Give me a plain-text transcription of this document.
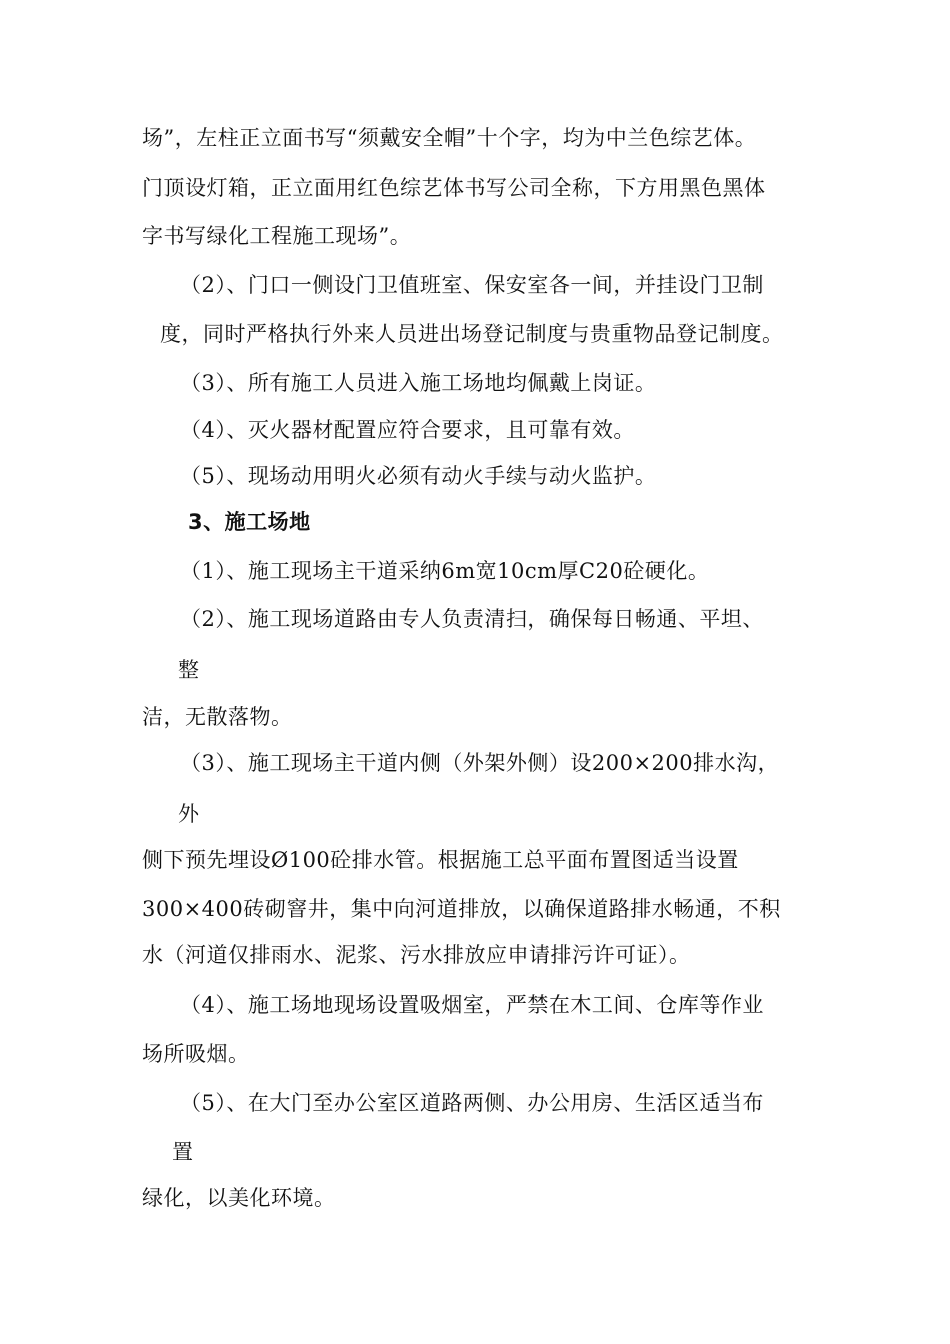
场”，左柱正立面书写“须戴安全帽”十个字，均为中兰色综艺体。
门顶设灯箱，正立面用红色综艺体书写公司全称，下方用黑色黑体
字书写绿化工程施工现场”。
（2）、门口一侧设门卫值班室、保安室各一间，并挂设门卫制
度，同时严格执行外来人员进出场登记制度与贵重物品登记制度。
（3）、所有施工人员进入施工场地均佩戴上岗证。
（4）、灭火器材配置应符合要求，且可靠有效。
（5）、现场动用明火必须有动火手续与动火监护。
3、施工场地
（1）、施工现场主干道采纳6m宽10cm厚C20砼硬化。
（2）、施工现场道路由专人负责清扫，确保每日畅通、平坦、
整
洁，无散落物。
（3）、施工现场主干道内侧（外架外侧）设200×200排水沟，
外
侧下预先埋设Ø100砼排水管。根据施工总平面布置图适当设置
300×400砖砌窨井，集中向河道排放，以确保道路排水畅通，不积
水（河道仅排雨水、泥浆、污水排放应申请排污许可证）。
（4）、施工场地现场设置吸烟室，严禁在木工间、仓库等作业
场所吸烟。
（5）、在大门至办公室区道路两侧、办公用房、生活区适当布
置
绿化，以美化环境。
